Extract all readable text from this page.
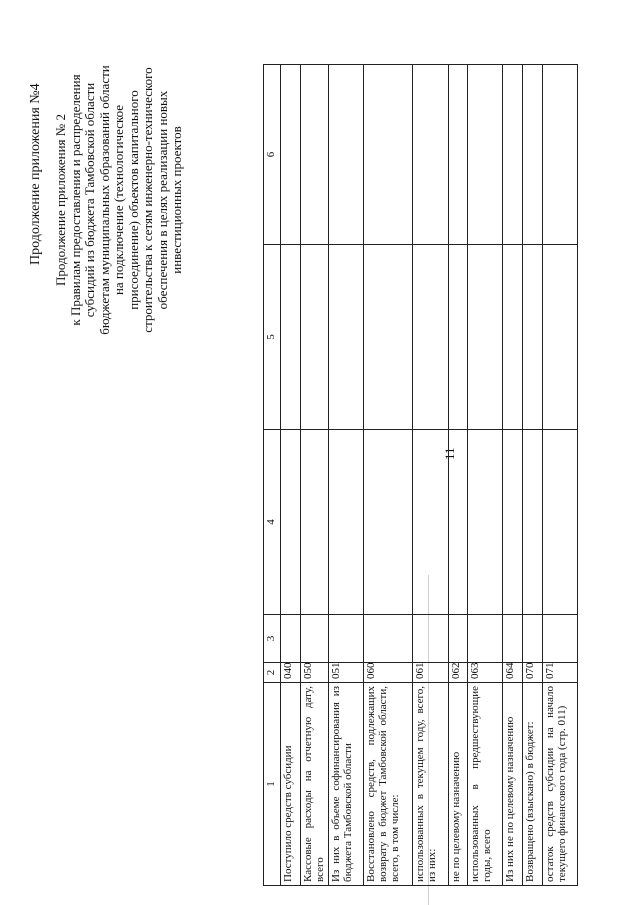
11
Продолжение приложения №4 Продолжение приложения № 2 к Правилам предоставления и распределения субсидий из бюджета Тамбовской области бюджетам муниципальных образований области на подключение (технологическое присоединение) объектов капитального строительства к сетям инженерно-технического обеспечения в целях реализации новых инвестиционных проектов
1	2	3	4	5	6
Поступило средств субсидии	040				
Кассовые расходы на отчетную дату, всего	050				
Из них в объеме софинансирования из бюджета Тамбовской области	051				
Восстановлено средств, подлежащих возврату в бюджет Тамбовской области, всего, в том числе:	060				
использованных в текущем году, всего, из них:	061				
не по целевому назначению	062				
использованных в предшествующие годы, всего	063				
Из них не по целевому назначению	064				
Возвращено (взыскано) в бюджет:	070				
остаток средств субсидии на начало текущего финансового года (стр. 011)	071				
